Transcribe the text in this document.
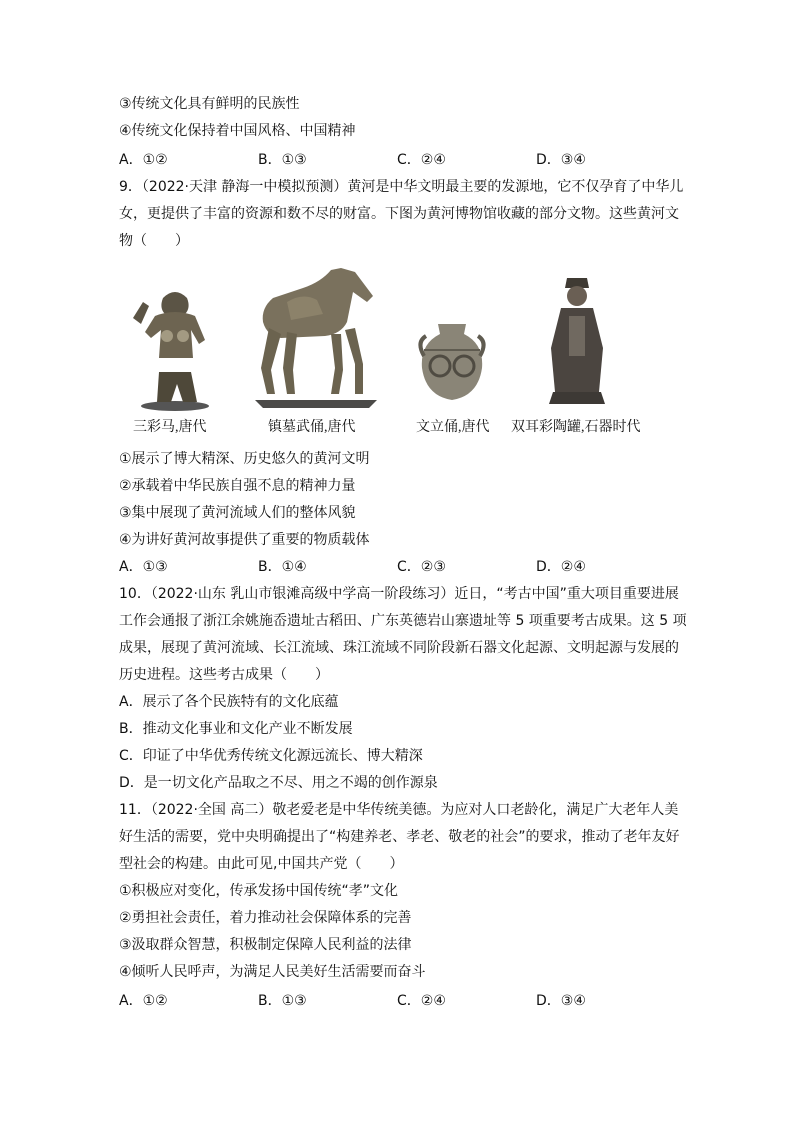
③传统文化具有鲜明的民族性
④传统文化保持着中国风格、中国精神
A．①②	B．①③	C．②④	D．③④
9．（2022·天津 静海一中模拟预测）黄河是中华文明最主要的发源地，它不仅孕育了中华儿
女，更提供了丰富的资源和数不尽的财富。下图为黄河博物馆收藏的部分文物。这些黄河文
物（　　）
三彩马,唐代	镇墓武俑,唐代	文立俑,唐代 双耳彩陶罐,石器时代
①展示了博大精深、历史悠久的黄河文明
②承载着中华民族自强不息的精神力量
③集中展现了黄河流域人们的整体风貌
④为讲好黄河故事提供了重要的物质载体
A．①③	B．①④	C．②③	D．②④
10．（2022·山东 乳山市银滩高级中学高一阶段练习）近日，“考古中国”重大项目重要进展
工作会通报了浙江余姚施岙遗址古稻田、广东英德岩山寨遗址等 5 项重要考古成果。这 5 项
成果，展现了黄河流域、长江流域、珠江流域不同阶段新石器文化起源、文明起源与发展的
历史进程。这些考古成果（　　）
A．展示了各个民族特有的文化底蕴
B．推动文化事业和文化产业不断发展
C．印证了中华优秀传统文化源远流长、博大精深
D．是一切文化产品取之不尽、用之不竭的创作源泉
11．（2022·全国 高二）敬老爱老是中华传统美德。为应对人口老龄化，满足广大老年人美
好生活的需要，党中央明确提出了“构建养老、孝老、敬老的社会”的要求，推动了老年友好
型社会的构建。由此可见,中国共产党（　　）
①积极应对变化，传承发扬中国传统“孝”文化
②勇担社会责任，着力推动社会保障体系的完善
③汲取群众智慧，积极制定保障人民利益的法律
④倾听人民呼声，为满足人民美好生活需要而奋斗
A．①②	B．①③	C．②④	D．③④
